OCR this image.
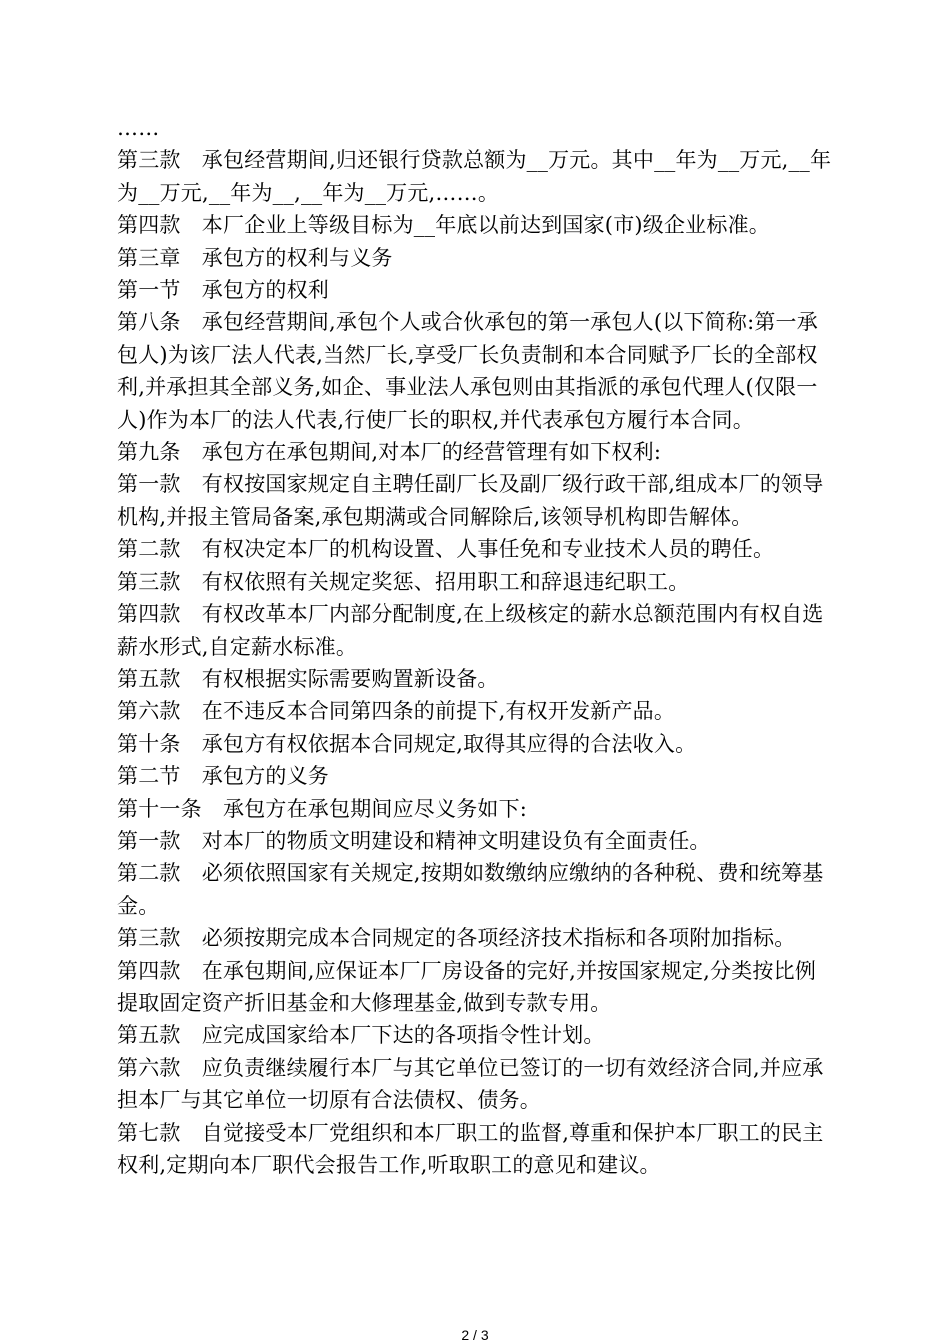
……

第三款　承包经营期间,归还银行贷款总额为__万元。其中__年为__万元,__年为__万元,__年为__,__年为__万元,……。

第四款　本厂企业上等级目标为__年底以前达到国家(市)级企业标准。

第三章　承包方的权利与义务

第一节　承包方的权利

第八条　承包经营期间,承包个人或合伙承包的第一承包人(以下简称:第一承包人)为该厂法人代表,当然厂长,享受厂长负责制和本合同赋予厂长的全部权利,并承担其全部义务,如企、事业法人承包则由其指派的承包代理人(仅限一人)作为本厂的法人代表,行使厂长的职权,并代表承包方履行本合同。

第九条　承包方在承包期间,对本厂的经营管理有如下权利:

第一款　有权按国家规定自主聘任副厂长及副厂级行政干部,组成本厂的领导机构,并报主管局备案,承包期满或合同解除后,该领导机构即告解体。

第二款　有权决定本厂的机构设置、人事任免和专业技术人员的聘任。

第三款　有权依照有关规定奖惩、招用职工和辞退违纪职工。

第四款　有权改革本厂内部分配制度,在上级核定的薪水总额范围内有权自选薪水形式,自定薪水标准。

第五款　有权根据实际需要购置新设备。

第六款　在不违反本合同第四条的前提下,有权开发新产品。

第十条　承包方有权依据本合同规定,取得其应得的合法收入。

第二节　承包方的义务

第十一条　承包方在承包期间应尽义务如下:

第一款　对本厂的物质文明建设和精神文明建设负有全面责任。

第二款　必须依照国家有关规定,按期如数缴纳应缴纳的各种税、费和统筹基金。

第三款　必须按期完成本合同规定的各项经济技术指标和各项附加指标。

第四款　在承包期间,应保证本厂厂房设备的完好,并按国家规定,分类按比例提取固定资产折旧基金和大修理基金,做到专款专用。

第五款　应完成国家给本厂下达的各项指令性计划。

第六款　应负责继续履行本厂与其它单位已签订的一切有效经济合同,并应承担本厂与其它单位一切原有合法债权、债务。

第七款　自觉接受本厂党组织和本厂职工的监督,尊重和保护本厂职工的民主权利,定期向本厂职代会报告工作,听取职工的意见和建议。

2 / 3
